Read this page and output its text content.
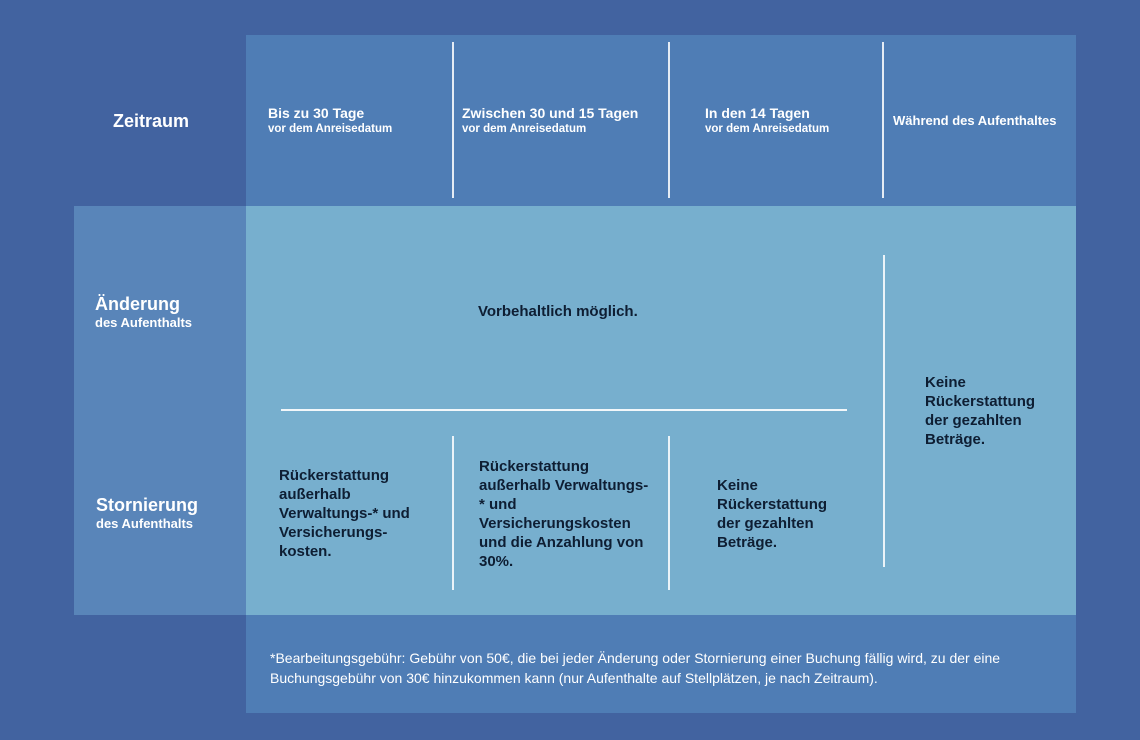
Zeitraum	Bis zu 30 Tage
vor dem Anreisedatum
Zwischen 30 und 15 Tagen
vor dem Anreisedatum
In den 14 Tagen
vor dem Anreisedatum
Während des Aufenthaltes
Änderung
des Aufenthalts
Stornierung
des Aufenthalts
Vorbehaltlich möglich.
Rückerstattung außerhalb Verwaltungs-* und Versicherungs-kosten.
Rückerstattung außerhalb Verwaltungs-* und Versicherungskosten und die Anzahlung von 30%.
Keine Rückerstattung der gezahlten Beträge.
Keine Rückerstattung der gezahlten Beträge.
*Bearbeitungsgebühr: Gebühr von 50€, die bei jeder Änderung oder Stornierung einer Buchung fällig wird, zu der eine Buchungsgebühr von 30€ hinzukommen kann (nur Aufenthalte auf Stellplätzen, je nach Zeitraum).
